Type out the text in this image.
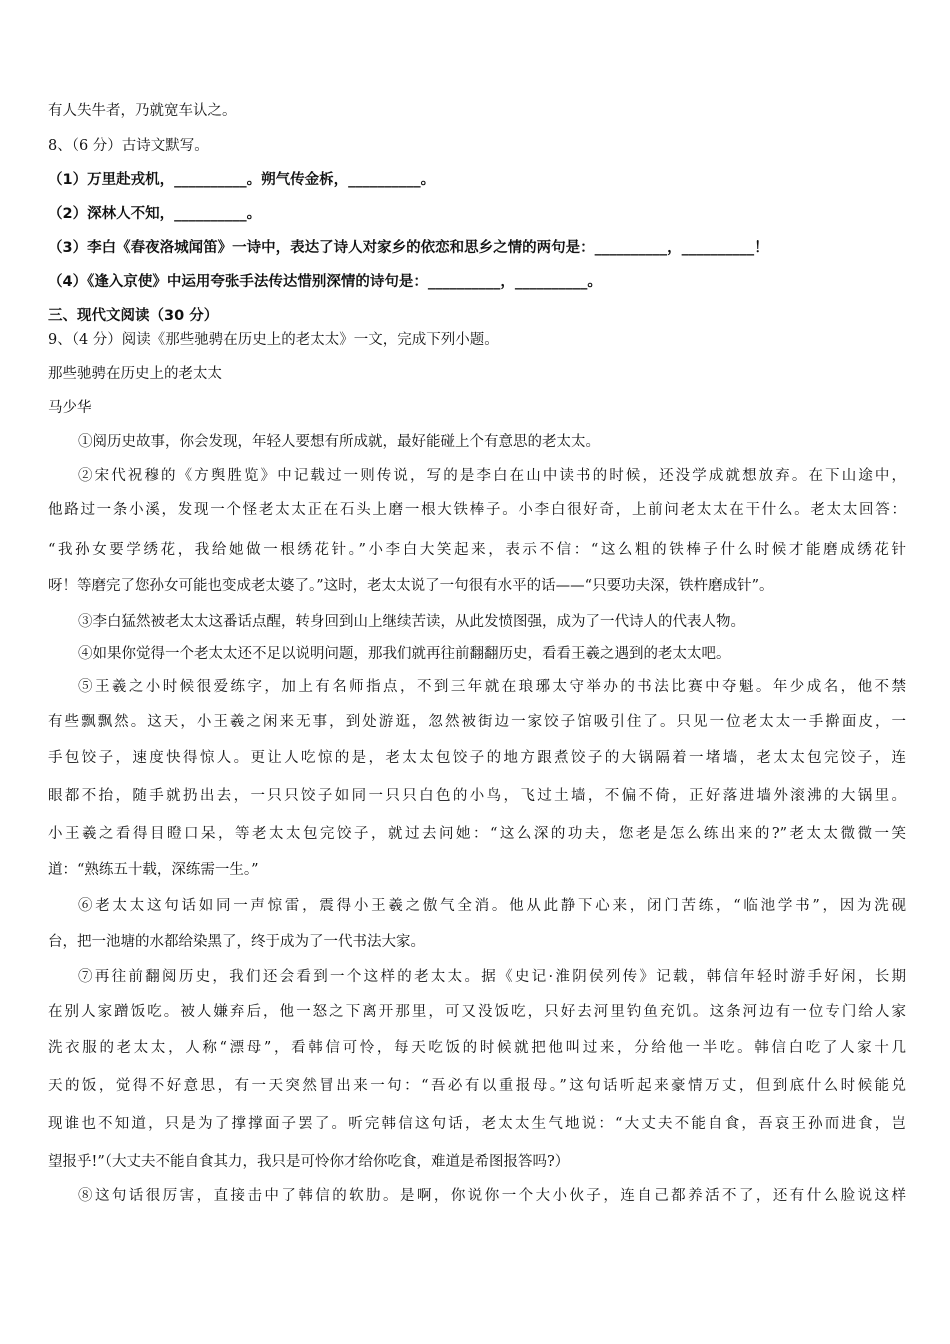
有人失牛者，乃就宽车认之。
8、（6 分）古诗文默写。
（1）万里赴戎机，__________。朔气传金柝，__________。
（2）深林人不知，__________。
（3）李白《春夜洛城闻笛》一诗中，表达了诗人对家乡的依恋和思乡之情的两句是：__________，__________！
（4）《逢入京使》中运用夸张手法传达惜别深情的诗句是：__________，__________。
三、现代文阅读（30 分）
9、（4 分）阅读《那些驰骋在历史上的老太太》一文，完成下列小题。
那些驰骋在历史上的老太太
马少华
①阅历史故事，你会发现，年轻人要想有所成就，最好能碰上个有意思的老太太。
②宋代祝穆的《方舆胜览》中记载过一则传说，写的是李白在山中读书的时候，还没学成就想放弃。在下山途中，
他路过一条小溪，发现一个怪老太太正在石头上磨一根大铁棒子。小李白很好奇，上前问老太太在干什么。老太太回答：
“我孙女要学绣花，我给她做一根绣花针。”小李白大笑起来，表示不信：“这么粗的铁棒子什么时候才能磨成绣花针
呀！等磨完了您孙女可能也变成老太婆了。”这时，老太太说了一句很有水平的话——“只要功夫深，铁杵磨成针”。
③李白猛然被老太太这番话点醒，转身回到山上继续苦读，从此发愤图强，成为了一代诗人的代表人物。
④如果你觉得一个老太太还不足以说明问题，那我们就再往前翻翻历史，看看王羲之遇到的老太太吧。
⑤王羲之小时候很爱练字，加上有名师指点，不到三年就在琅琊太守举办的书法比赛中夺魁。年少成名，他不禁
有些飘飘然。这天，小王羲之闲来无事，到处游逛，忽然被街边一家饺子馆吸引住了。只见一位老太太一手擀面皮，一
手包饺子，速度快得惊人。更让人吃惊的是，老太太包饺子的地方跟煮饺子的大锅隔着一堵墙，老太太包完饺子，连
眼都不抬，随手就扔出去，一只只饺子如同一只只白色的小鸟，飞过土墙，不偏不倚，正好落进墙外滚沸的大锅里。
小王羲之看得目瞪口呆，等老太太包完饺子，就过去问她：“这么深的功夫，您老是怎么练出来的?”老太太微微一笑
道：“熟练五十载，深练需一生。”
⑥老太太这句话如同一声惊雷，震得小王羲之傲气全消。他从此静下心来，闭门苦练，“临池学书”，因为洗砚
台，把一池塘的水都给染黑了，终于成为了一代书法大家。
⑦再往前翻阅历史，我们还会看到一个这样的老太太。据《史记·淮阴侯列传》记载，韩信年轻时游手好闲，长期
在别人家蹭饭吃。被人嫌弃后，他一怒之下离开那里，可又没饭吃，只好去河里钓鱼充饥。这条河边有一位专门给人家
洗衣服的老太太，人称“漂母”，看韩信可怜，每天吃饭的时候就把他叫过来，分给他一半吃。韩信白吃了人家十几
天的饭，觉得不好意思，有一天突然冒出来一句：“吾必有以重报母。”这句话听起来豪情万丈，但到底什么时候能兑
现谁也不知道，只是为了撑撑面子罢了。听完韩信这句话，老太太生气地说：“大丈夫不能自食，吾哀王孙而进食，岂
望报乎!”（大丈夫不能自食其力，我只是可怜你才给你吃食，难道是希图报答吗?）
⑧这句话很厉害，直接击中了韩信的软肋。是啊，你说你一个大小伙子，连自己都养活不了，还有什么脸说这样
